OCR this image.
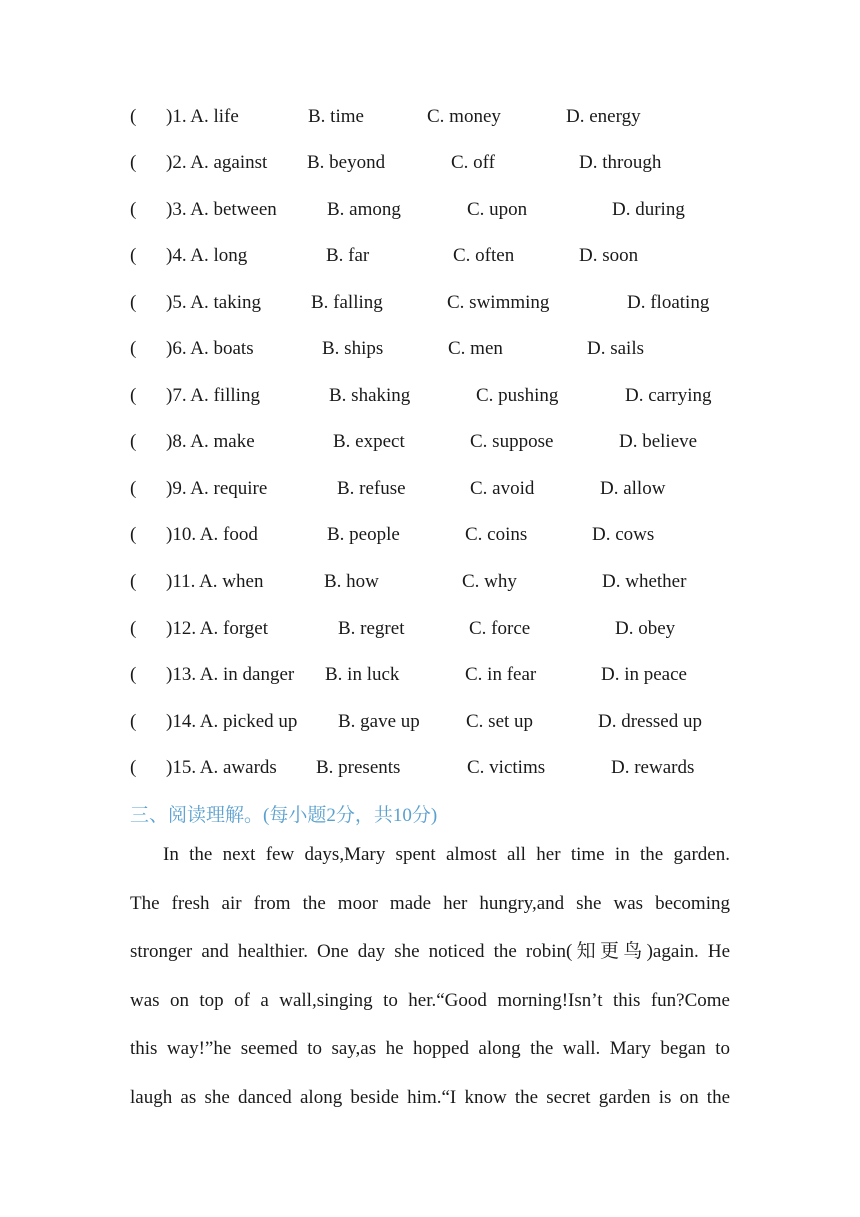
( )1. A. life	B. time	C. money	D. energy
( )2. A. against B. beyond	C. off	D. through
( )3. A. between	B. among	C. upon	D. during
( )4. A. long	B. far	C. often	D. soon
( )5. A. taking	B. falling	C. swimming	D. floating
( )6. A. boats	B. ships	C. men	D. sails
( )7. A. filling	B. shaking	C. pushing	D. carrying
( )8. A. make	B. expect	C. suppose	D. believe
( )9. A. require	B. refuse	C. avoid	D. allow
( )10. A. food	B. people	C. coins	D. cows
( )11. A. when	B. how	C. why	D. whether
( )12. A. forget	B. regret	C. force	D. obey
( )13. A. in danger B. in luck	C. in fear	D. in peace
( )14. A. picked up B. gave up C. set up	D. dressed up
( )15. A. awards B. presents	C. victims	D. rewards
三、阅读理解。(每小题2分，共10分)
In the next few days,Mary spent almost all her time in the garden.
The fresh air from the moor made her hungry,and she was becoming
stronger and healthier. One day she noticed the robin(知更鸟)again. He
was on top of a wall,singing to her.“Good morning!Isn’t this fun?Come
this way!”he seemed to say,as he hopped along the wall. Mary began to
laugh as she danced along beside him.“I know the secret garden is on the
